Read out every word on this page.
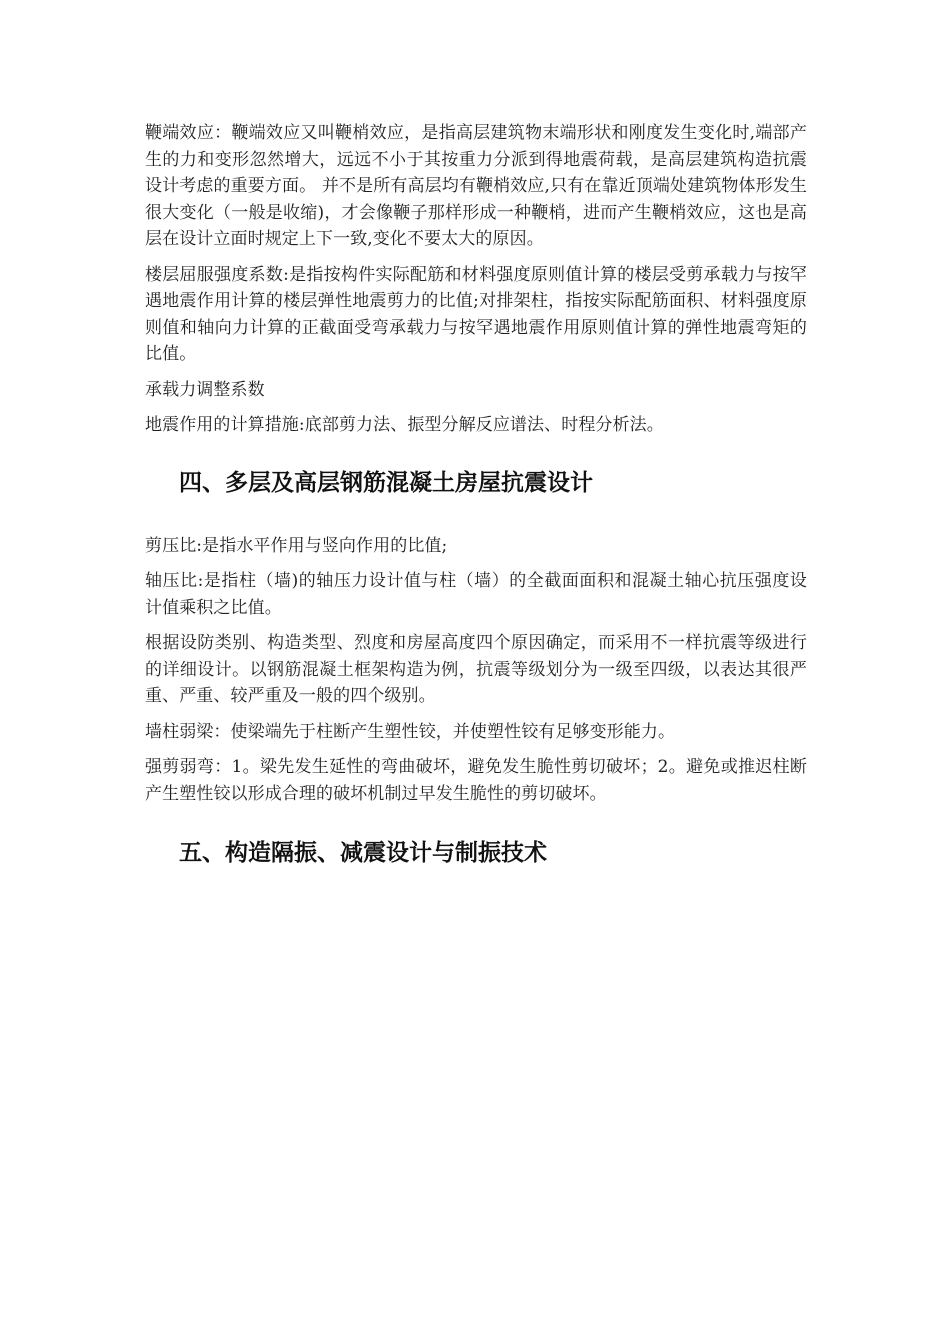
鞭端效应：鞭端效应又叫鞭梢效应，是指高层建筑物末端形状和刚度发生变化时,端部产生的力和变形忽然增大，远远不小于其按重力分派到得地震荷载，是高层建筑构造抗震设计考虑的重要方面。 并不是所有高层均有鞭梢效应,只有在靠近顶端处建筑物体形发生很大变化（一般是收缩)，才会像鞭子那样形成一种鞭梢，进而产生鞭梢效应，这也是高层在设计立面时规定上下一致,变化不要太大的原因。

楼层屈服强度系数:是指按构件实际配筋和材料强度原则值计算的楼层受剪承载力与按罕遇地震作用计算的楼层弹性地震剪力的比值;对排架柱，指按实际配筋面积、材料强度原则值和轴向力计算的正截面受弯承载力与按罕遇地震作用原则值计算的弹性地震弯矩的比值。

承载力调整系数

地震作用的计算措施:底部剪力法、振型分解反应谱法、时程分析法。

四、多层及高层钢筋混凝土房屋抗震设计

剪压比:是指水平作用与竖向作用的比值;

轴压比:是指柱（墙)的轴压力设计值与柱（墙）的全截面面积和混凝土轴心抗压强度设计值乘积之比值。

根据设防类别、构造类型、烈度和房屋高度四个原因确定，而采用不一样抗震等级进行的详细设计。以钢筋混凝土框架构造为例，抗震等级划分为一级至四级，以表达其很严重、严重、较严重及一般的四个级别。

墙柱弱梁：使梁端先于柱断产生塑性铰，并使塑性铰有足够变形能力。

强剪弱弯：1。梁先发生延性的弯曲破坏，避免发生脆性剪切破坏；2。避免或推迟柱断产生塑性铰以形成合理的破坏机制过早发生脆性的剪切破坏。

五、构造隔振、减震设计与制振技术
